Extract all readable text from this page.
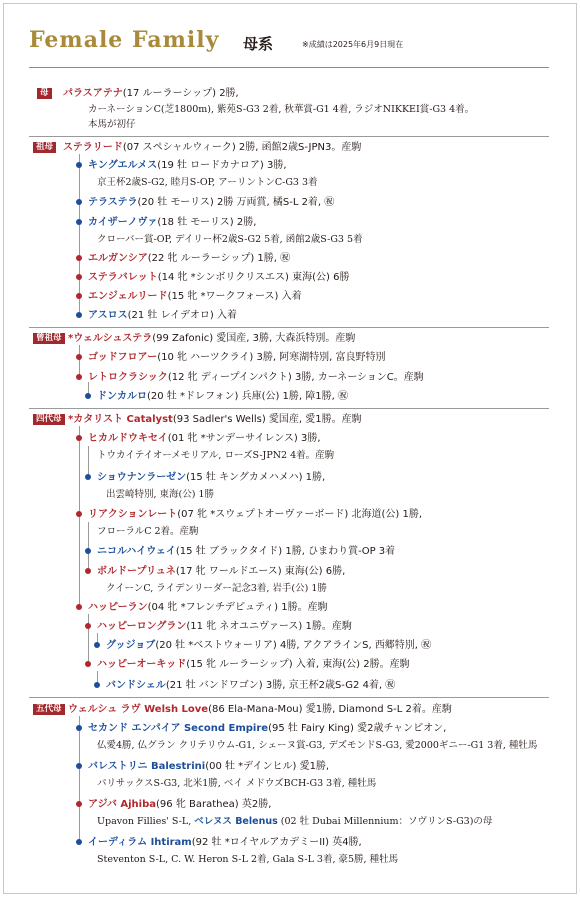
Female Family 母系	※成績は2025年6月9日現在
母	パラスアテナ(17 ルーラーシップ) 2勝,
カーネーションC(芝1800m), 紫苑S-G3 2着, 秋華賞-G1 4着, ラジオNIKKEI賞-G3 4着。
本馬が初仔
祖母 ステラリード(07 スペシャルウィーク) 2勝, 函館2歳S-JPN3。産駒
キングエルメス(19 牡 ロードカナロア) 3勝,
京王杯2歳S-G2, 睦月S-OP, アーリントンC-G3 3着
テラステラ(20 牡 モーリス) 2勝 万両賞, 橘S-L 2着, ㊗
カイザーノヴァ(18 牡 モーリス) 2勝,
クローバー賞-OP, デイリー杯2歳S-G2 5着, 函館2歳S-G3 5着
エルガンシア(22 牝 ルーラーシップ) 1勝, ㊗
ステラバレット(14 牝 *シンボリクリスエス) 東海(公) 6勝
エンジェルリード(15 牝 *ワークフォース) 入着
アスロス(21 牡 レイデオロ) 入着
曾祖母 *ウェルシュステラ(99 Zafonic) 愛国産, 3勝, 大森浜特別。産駒
ゴッドフロアー(10 牝 ハーツクライ) 3勝, 阿寒湖特別, 富良野特別
レトロクラシック(12 牝 ディープインパクト) 3勝, カーネーションC。産駒
ドンカルロ(20 牡 *ドレフォン) 兵庫(公) 1勝, 障1勝, ㊗
四代母 *カタリスト Catalyst(93 Sadler's Wells) 愛国産, 愛1勝。産駒
ヒカルドウキセイ(01 牝 *サンデーサイレンス) 3勝,
トウカイテイオーメモリアル, ローズS-JPN2 4着。産駒
ショウナンラーゼン(15 牡 キングカメハメハ) 1勝,
出雲崎特別, 東海(公) 1勝
リアクションレート(07 牝 *スウェプトオーヴァーボード) 北海道(公) 1勝,
フローラルC 2着。産駒
ニコルハイウェイ(15 牡 ブラックタイド) 1勝, ひまわり賞-OP 3着
ボルドープリュネ(17 牝 ワールドエース) 東海(公) 6勝,
クイーンC, ライデンリーダー記念3着, 岩手(公) 1勝
ハッピーラン(04 牝 *フレンチデピュティ) 1勝。産駒
ハッピーロングラン(11 牝 ネオユニヴァース) 1勝。産駒
グッジョブ(20 牡 *ベストウォーリア) 4勝, アクアラインS, 西郷特別, ㊗
ハッピーオーキッド(15 牝 ルーラーシップ) 入着, 東海(公) 2勝。産駒
バンドシェル(21 牡 バンドワゴン) 3勝, 京王杯2歳S-G2 4着, ㊗
五代母 ウェルシュ ラヴ Welsh Love(86 Ela-Mana-Mou) 愛1勝, Diamond S-L 2着。産駒
セカンド エンパイア Second Empire(95 牡 Fairy King) 愛2歳チャンピオン,
仏愛4勝, 仏グラン クリテリウム-G1, シェーヌ賞-G3, デズモンドS-G3, 愛2000ギニー-G1 3着, 種牡馬
バレストリニ Balestrini(00 牡 *デインヒル) 愛1勝,
パリサックスS-G3, 北米1勝, ベイ メドウズBCH-G3 3着, 種牡馬
アジバ Ajhiba(96 牝 Barathea) 英2勝,
Upavon Fillies' S-L, ベレヌス Belenus (02 牡 Dubai Millennium：ソヴリンS-G3)の母
イーディラム Ihtiram(92 牡 *ロイヤルアカデミーII) 英4勝,
Steventon S-L, C. W. Heron S-L 2着, Gala S-L 3着, 豪5勝, 種牡馬
